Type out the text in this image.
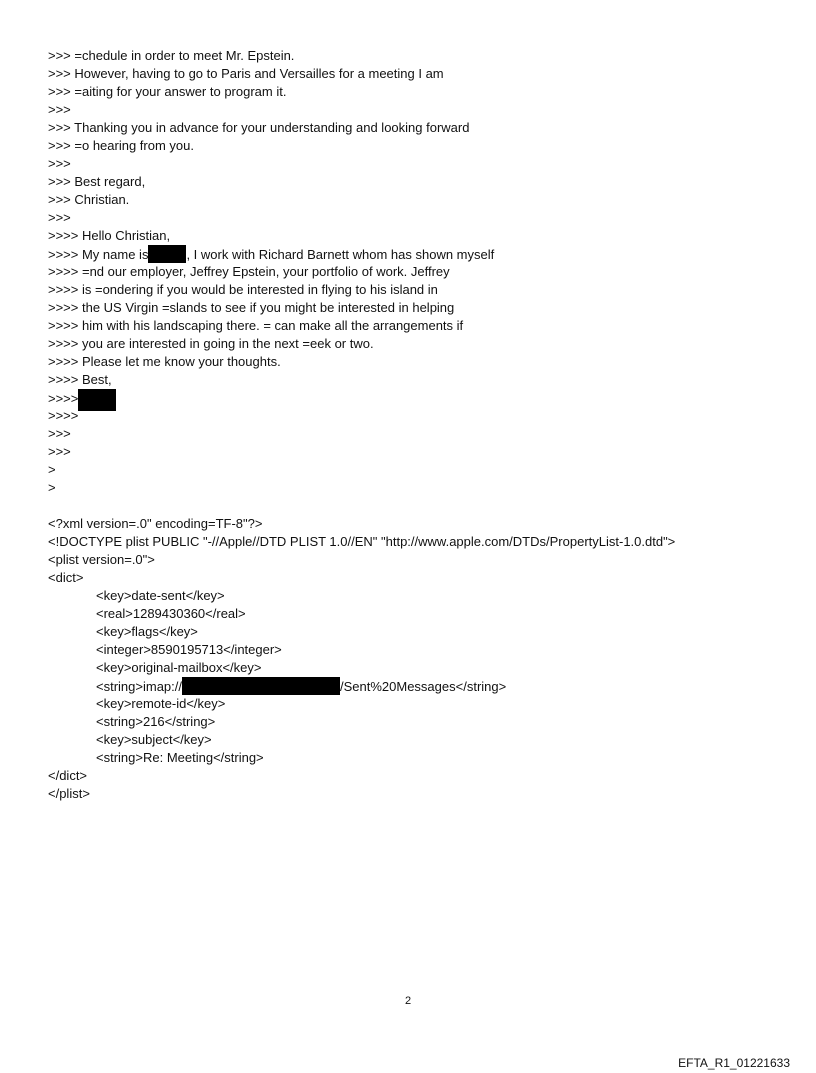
>>> =chedule in order to meet Mr. Epstein.
>>> However, having to go to Paris and Versailles for a meeting I am
>>> =aiting for your answer to program it.
>>>
>>> Thanking you in advance for your understanding and looking forward
>>> =o hearing from you.
>>>
>>> Best regard,
>>> Christian.
>>>
>>>> Hello Christian,
>>>> My name is	, I work with Richard Barnett whom has shown myself
>>>> =nd our employer, Jeffrey Epstein, your portfolio of work. Jeffrey
>>>> is =ondering if you would be interested in flying to his island in
>>>> the US Virgin =slands to see if you might be interested in helping
>>>> him with his landscaping there. = can make all the arrangements if
>>>> you are interested in going in the next =eek or two.
>>>> Please let me know your thoughts.
>>>> Best,
>>>>
>>>>
>>>
>>>
>
>
<?xml version=.0" encoding=TF-8"?>
<!DOCTYPE plist PUBLIC "-//Apple//DTD PLIST 1.0//EN" "http://www.apple.com/DTDs/PropertyList-1.0.dtd">
<plist version=.0">
<dict>
<key>date-sent</key>
<real>1289430360</real>
<key>flags</key>
<integer>8590195713</integer>
<key>original-mailbox</key>
<string>imap://	/Sent%20Messages</string>
<key>remote-id</key>
<string>216</string>
<key>subject</key>
<string>Re: Meeting</string>
</dict>
</plist>
2
EFTA_R1_01221633
